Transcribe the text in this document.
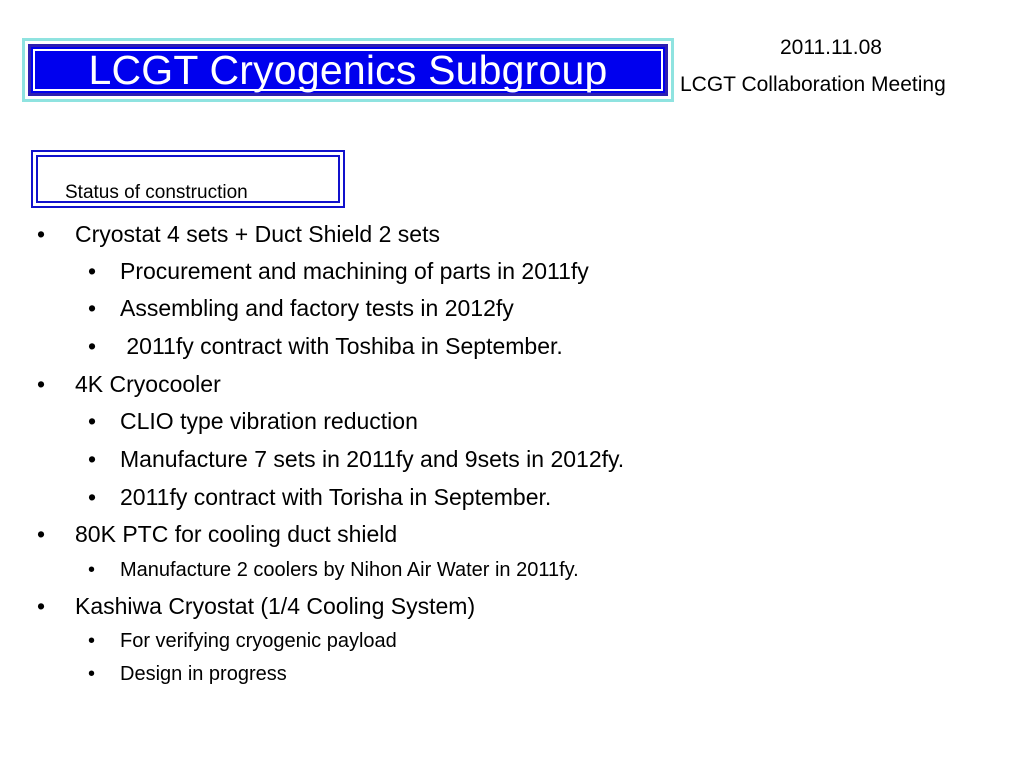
LCGT Cryogenics Subgroup	2011.11.08
LCGT Collaboration Meeting
Status of construction
• Cryostat 4 sets + Duct Shield 2 sets
• Procurement and machining of parts in 2011fy
• Assembling and factory tests in 2012fy
• 2011fy contract with Toshiba in September.
• 4K Cryocooler
• CLIO type vibration reduction
• Manufacture 7 sets in 2011fy and 9sets in 2012fy.
• 2011fy contract with Torisha in September.
• 80K PTC for cooling duct shield
• Manufacture 2 coolers by Nihon Air Water in 2011fy.
• Kashiwa Cryostat (1/4 Cooling System)
• For verifying cryogenic payload
• Design in progress
